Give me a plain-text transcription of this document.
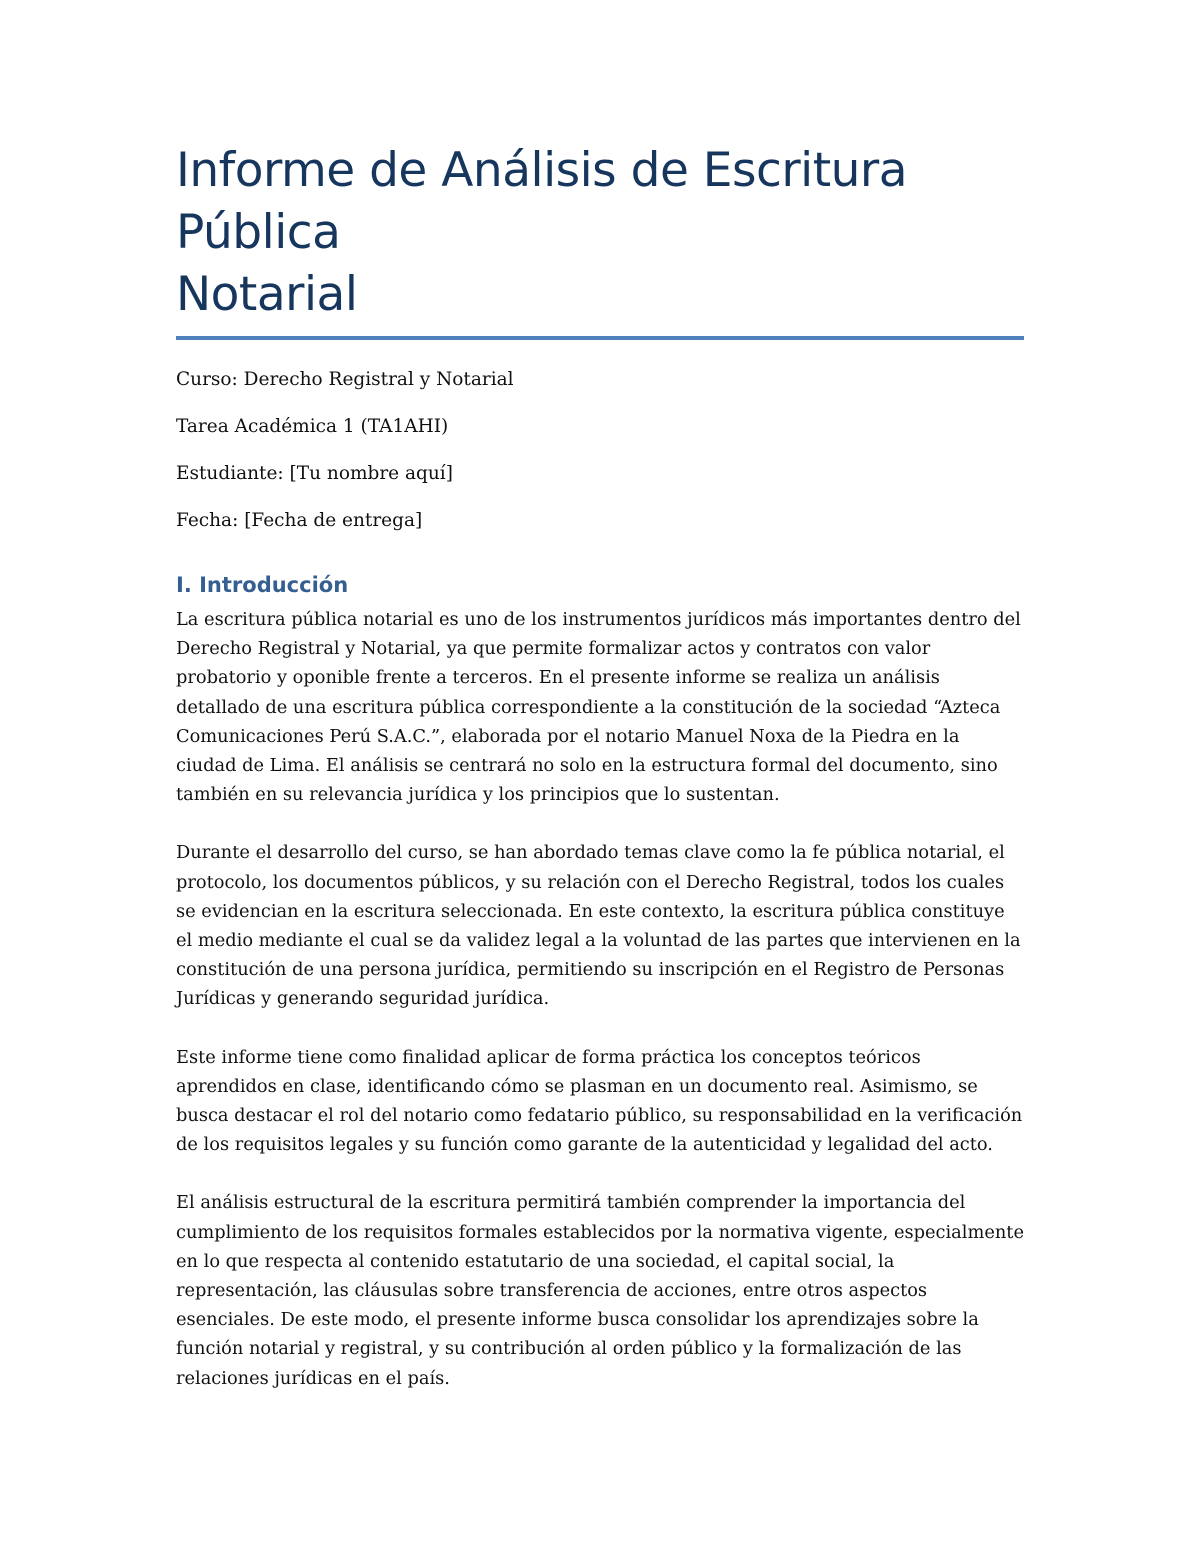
Informe de Análisis de Escritura Pública
Notarial

Curso: Derecho Registral y Notarial

Tarea Académica 1 (TA1AHI)

Estudiante: [Tu nombre aquí]

Fecha: [Fecha de entrega]

I. Introducción

La escritura pública notarial es uno de los instrumentos jurídicos más importantes dentro del Derecho Registral y Notarial, ya que permite formalizar actos y contratos con valor probatorio y oponible frente a terceros. En el presente informe se realiza un análisis detallado de una escritura pública correspondiente a la constitución de la sociedad “Azteca Comunicaciones Perú S.A.C.”, elaborada por el notario Manuel Noxa de la Piedra en la ciudad de Lima. El análisis se centrará no solo en la estructura formal del documento, sino también en su relevancia jurídica y los principios que lo sustentan.

Durante el desarrollo del curso, se han abordado temas clave como la fe pública notarial, el protocolo, los documentos públicos, y su relación con el Derecho Registral, todos los cuales se evidencian en la escritura seleccionada. En este contexto, la escritura pública constituye el medio mediante el cual se da validez legal a la voluntad de las partes que intervienen en la constitución de una persona jurídica, permitiendo su inscripción en el Registro de Personas Jurídicas y generando seguridad jurídica.

Este informe tiene como finalidad aplicar de forma práctica los conceptos teóricos aprendidos en clase, identificando cómo se plasman en un documento real. Asimismo, se busca destacar el rol del notario como fedatario público, su responsabilidad en la verificación de los requisitos legales y su función como garante de la autenticidad y legalidad del acto.

El análisis estructural de la escritura permitirá también comprender la importancia del cumplimiento de los requisitos formales establecidos por la normativa vigente, especialmente en lo que respecta al contenido estatutario de una sociedad, el capital social, la representación, las cláusulas sobre transferencia de acciones, entre otros aspectos esenciales. De este modo, el presente informe busca consolidar los aprendizajes sobre la función notarial y registral, y su contribución al orden público y la formalización de las relaciones jurídicas en el país.
